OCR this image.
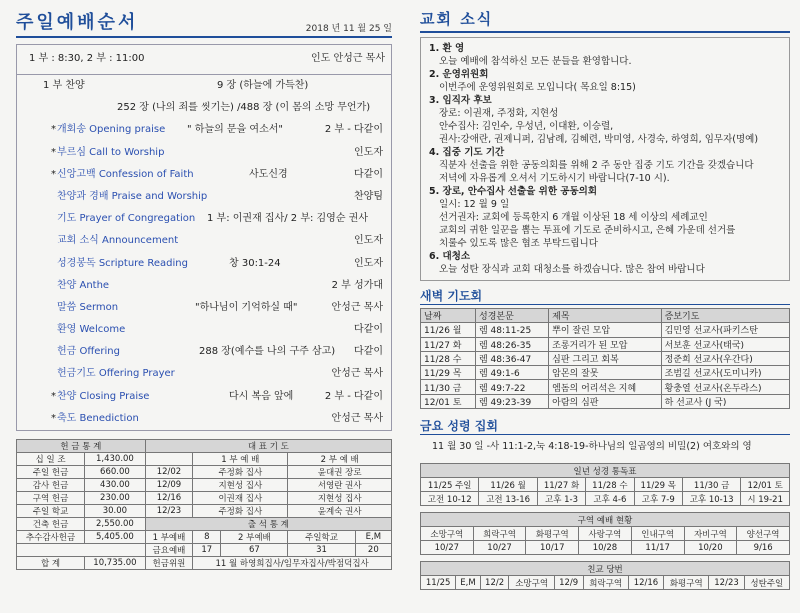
주일예배순서	2018 년 11 월 25 일
1 부 : 8:30, 2 부 : 11:00	인도 안성근 목사
1 부 찬양	9 장 (하늘에 가득찬)
252 장 (나의 죄를 씻기는) /488 장 (이 몸의 소망 무언가)
* 개회송 Opening praise " 하늘의 문을 여소서"	2 부 - 다같이
* 부르심 Call to Worship	인도자
* 신앙고백 Confession of Faith	사도신경	다같이
찬양과 경배 Praise and Worship	찬양팀
기도 Prayer of Congregation 1 부: 이권재 집사/ 2 부: 김영순 권사
교회 소식 Announcement	인도자
성경봉독 Scripture Reading	창 30:1-24	인도자
찬양 Anthe	2 부 성가대
말씀 Sermon	"하나님이 기억하실 때"	안성근 목사
환영 Welcome	다같이
헌금 Offering	288 장(예수를 나의 구주 삼고) 다같이
헌금기도 Offering Prayer	안성근 목사
* 찬양 Closing Praise	다시 복음 앞에	2 부 - 다같이
* 축도 Benediction	안성근 목사
헌 금 통 계		대 표 기 도				
십 일 조	1,430.00		1 부 예 배		2 부 예 배	
주일 헌금	660.00	12/02	주정화 집사		윤대권 장로	
감사 헌금	430.00	12/09	지현성 집사		서영란 권사	
구역 헌금	230.00	12/16	이권재 집사		지현성 집사	
주일 학교	30.00	12/23	주정화 집사		윤계숙 권사	
건축 헌금	2,550.00	출 석 통 계				
추수감사헌금	5,405.00	1 부예배	8	2 부예배	주일학교	E,M
		금요예배	17	67	31	20
합 계	10,735.00	헌금위원	11 월 하영희집사/임무자집사/박점덕집사			
교회 소식
1. 환 영
오늘 예배에 참석하신 모든 분들을 환영합니다.
2. 운영위원회
이번주에 운영위원회로 모입니다( 목요일 8:15)
3. 임직자 후보
장로: 이권재, 주정화, 지현성
안수집사: 김인수, 우성년, 이대환, 이승렬,
권사:강애란, 권제니퍼, 김남례, 김혜련, 박미영, 사경숙, 하영희, 임무자(명예)
4. 집중 기도 기간
직분자 선출을 위한 공동의회를 위해 2 주 동안 집중 기도 기간을 갖겠습니다
저녁에 자유롭게 오셔서 기도하시기 바랍니다(7-10 시).
5. 장로, 안수집사 선출을 위한 공동의회
일시: 12 월 9 일
선거권자: 교회에 등록한지 6 개월 이상된 18 세 이상의 세례교인
교회의 귀한 일꾼을 뽑는 투표에 기도로 준비하시고, 은혜 가운데 선거를
치룰수 있도록 많은 협조 부탁드립니다
6. 대청소
오늘 성탄 장식과 교회 대청소를 하겠습니다. 많은 참여 바랍니다
새벽 기도회
날짜	성경본문	제목	증보기도
11/26 월	렘 48:11-25	뿌이 잘린 모압	김민영 선교사(파키스탄
11/27 화	렘 48:26-35	조롱거리가 된 모압	서보훈 선교사(태국)
11/28 수	렘 48:36-47	심판 그리고 회복	정준희 선교사(우간다)
11/29 목	렘 49:1-6	암몬의 잘못	조범길 선교사(도미니카)
11/30 금	렘 49:7-22	엠돔의 어리석은 지혜	황충열 선교사(온두라스)
12/01 토	렘 49:23-39	아람의 심판	하 선교사 (J 국)
금요 성령 집회
11 월 30 일 -사 11:1-2,눅 4:18-19-하나님의 일곱영의 비밀(2) 여호와의 영
일년 성경 통독표						
11/25 주일	11/26 월	11/27 화	11/28 수	11/29 목	11/30 금	12/01 토
고전 10-12	고전 13-16	고후 1-3	고후 4-6	고후 7-9	고후 10-13	시 19-21
구역 예배 현황						
소망구역	희락구역	화평구역	사랑구역	인내구역	자비구역	양선구역
10/27	10/27	10/17	10/28	11/17	10/20	9/16
친교 당번
11/25	E,M	12/2	소망구역	12/9	희락구역	12/16	화평구역	12/23	성탄주일
